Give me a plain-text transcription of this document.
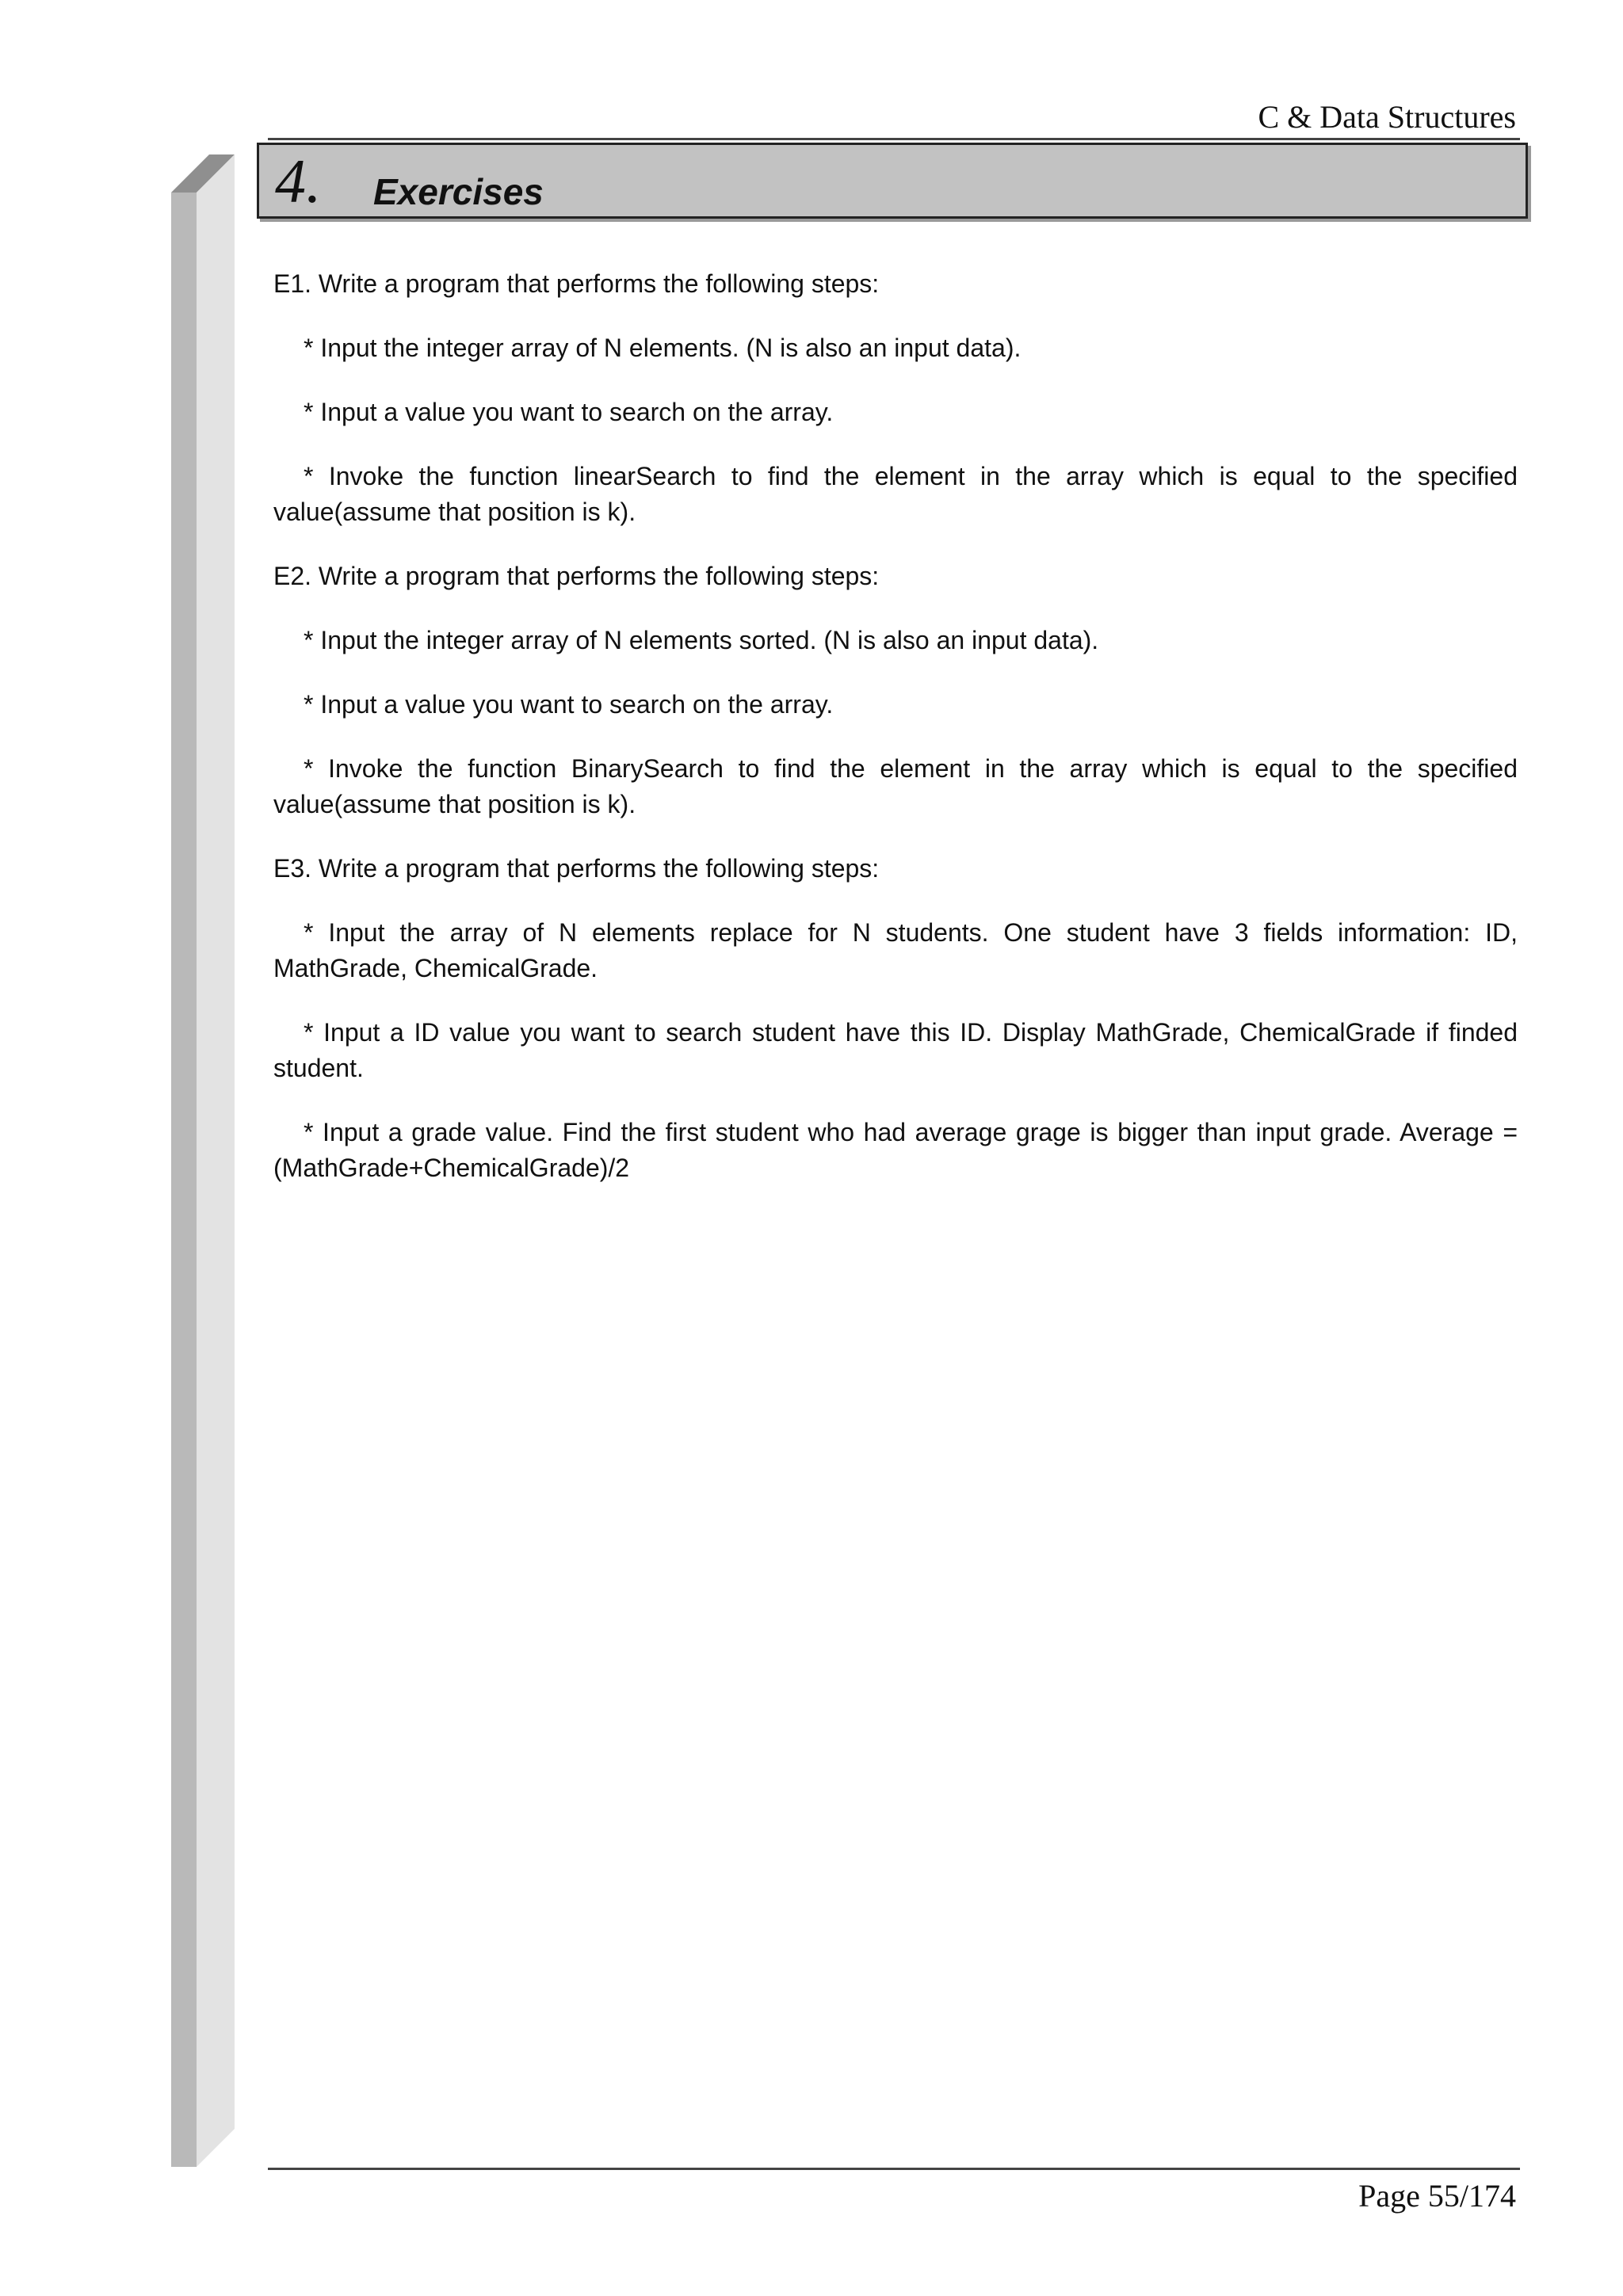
C & Data Structures
4. Exercises

E1. Write a program that performs the following steps:

* Input the integer array of N elements. (N is also an input data).

* Input a value you want to search on the array.

* Invoke the function linearSearch to find the element in the array which is equal to the specified value(assume that position is k).

E2. Write a program that performs the following steps:

* Input the integer array of N elements sorted. (N is also an input data).

* Input a value you want to search on the array.

* Invoke the function BinarySearch to find the element in the array which is equal to the specified value(assume that position is k).

E3. Write a program that performs the following steps:

* Input the array of N elements replace for N students. One student have 3 fields information: ID, MathGrade, ChemicalGrade.

* Input a ID value you want to search student have this ID. Display MathGrade, ChemicalGrade if finded student.

* Input a grade value. Find the first student who had average grage is bigger than input grade. Average = (MathGrade+ChemicalGrade)/2

Page 55/174
